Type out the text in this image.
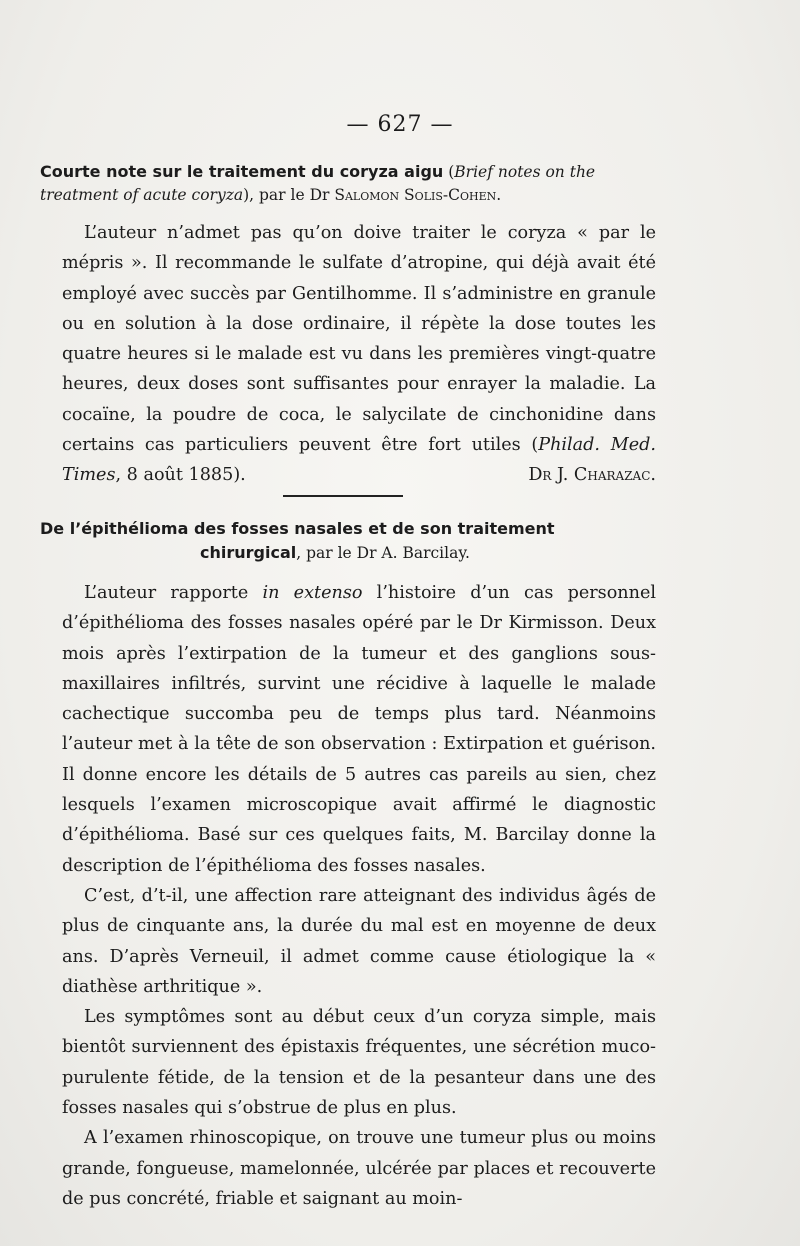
— 627 —
Courte note sur le traitement du coryza aigu (Brief notes on the treatment of acute coryza), par le Dr Salomon Solis-Cohen.

L’auteur n’admet pas qu’on doive traiter le coryza « par le mépris ». Il recommande le sulfate d’atropine, qui déjà avait été employé avec succès par Gentilhomme. Il s’administre en granule ou en solution à la dose ordinaire, il répète la dose toutes les quatre heures si le malade est vu dans les premières vingt-quatre heures, deux doses sont suffisantes pour enrayer la maladie. La cocaïne, la poudre de coca, le salycilate de cinchonidine dans certains cas particuliers peuvent être fort utiles (Philad. Med. Times, 8 août 1885).	Dr J. Charazac.

De l’épithélioma des fosses nasales et de son traitement
chirurgical, par le Dr A. Barcilay.

L’auteur rapporte in extenso l’histoire d’un cas personnel d’épithélioma des fosses nasales opéré par le Dr Kirmisson. Deux mois après l’extirpation de la tumeur et des ganglions sous-maxillaires infiltrés, survint une récidive à laquelle le malade cachectique succomba peu de temps plus tard. Néanmoins l’auteur met à la tête de son observation : Extirpation et guérison. Il donne encore les détails de 5 autres cas pareils au sien, chez lesquels l’examen microscopique avait affirmé le diagnostic d’épithélioma. Basé sur ces quelques faits, M. Barcilay donne la description de l’épithélioma des fosses nasales.

C’est, d’t-il, une affection rare atteignant des individus âgés de plus de cinquante ans, la durée du mal est en moyenne de deux ans. D’après Verneuil, il admet comme cause étiologique la « diathèse arthritique ».

Les symptômes sont au début ceux d’un coryza simple, mais bientôt surviennent des épistaxis fréquentes, une sécrétion muco-purulente fétide, de la tension et de la pesanteur dans une des fosses nasales qui s’obstrue de plus en plus.

A l’examen rhinoscopique, on trouve une tumeur plus ou moins grande, fongueuse, mamelonnée, ulcérée par places et recouverte de pus concrété, friable et saignant au moin-
